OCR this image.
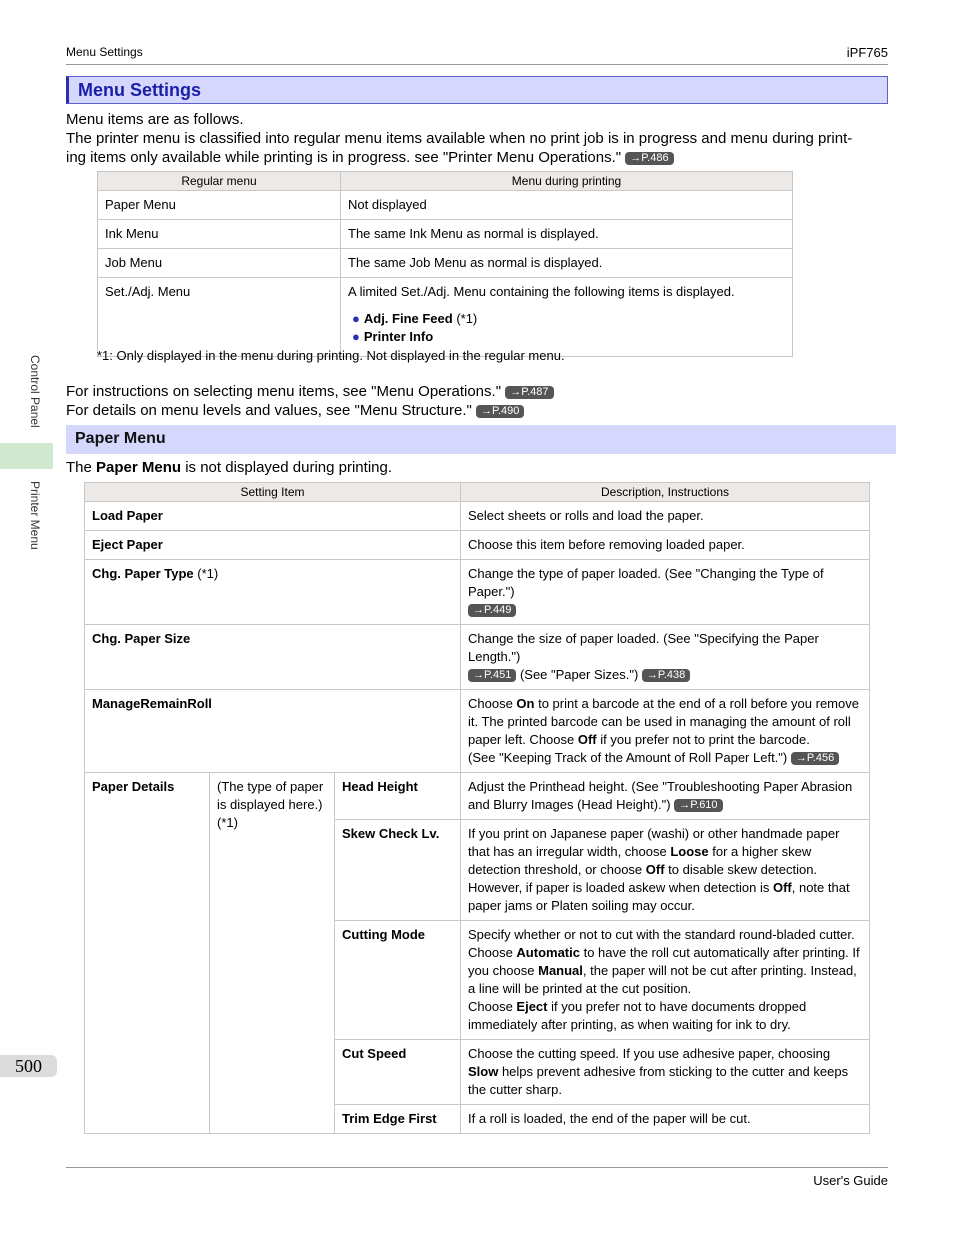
Menu Settings	iPF765
Menu Settings
Menu items are as follows.
The printer menu is classified into regular menu items available when no print job is in progress and menu during print-
ing items only available while printing is in progress. see "Printer Menu Operations." →P.486
Regular menu	Menu during printing
Paper Menu	Not displayed
Ink Menu	The same Ink Menu as normal is displayed.
Job Menu	The same Job Menu as normal is displayed.
Set./Adj. Menu	A limited Set./Adj. Menu containing the following items is displayed.
● Adj. Fine Feed (*1)
● Printer Info
*1: Only displayed in the menu during printing. Not displayed in the regular menu.
For instructions on selecting menu items, see "Menu Operations." →P.487
For details on menu levels and values, see "Menu Structure." →P.490
Paper Menu
The Paper Menu is not displayed during printing.
Setting Item			Description, Instructions
Load Paper			Select sheets or rolls and load the paper.
Eject Paper			Choose this item before removing loaded paper.
Chg. Paper Type (*1)			Change the type of paper loaded. (See "Changing the Type of Paper.")
→P.449
Chg. Paper Size			Change the size of paper loaded. (See "Specifying the Paper Length.")
→P.451 (See "Paper Sizes.") →P.438
ManageRemainRoll			Choose On to print a barcode at the end of a roll before you remove it. The printed barcode can be used in managing the amount of roll paper left. Choose Off if you prefer not to print the barcode.
(See "Keeping Track of the Amount of Roll Paper Left.") →P.456
Paper Details	(The type of paper is displayed here.) (*1)	Head Height	Adjust the Printhead height. (See "Troubleshooting Paper Abrasion and Blurry Images (Head Height).") →P.610
		Skew Check Lv.	If you print on Japanese paper (washi) or other handmade paper that has an irregular width, choose Loose for a higher skew detection threshold, or choose Off to disable skew detection. However, if paper is loaded askew when detection is Off, note that paper jams or Platen soiling may occur.
		Cutting Mode	Specify whether or not to cut with the standard round-bladed cutter.
Choose Automatic to have the roll cut automatically after printing. If you choose Manual, the paper will not be cut after printing. Instead, a line will be printed at the cut position.
Choose Eject if you prefer not to have documents dropped immediately after printing, as when waiting for ink to dry.
		Cut Speed	Choose the cutting speed. If you use adhesive paper, choosing Slow helps prevent adhesive from sticking to the cutter and keeps the cutter sharp.
		Trim Edge First	If a roll is loaded, the end of the paper will be cut.
Control Panel
Printer Menu
500
User's Guide
